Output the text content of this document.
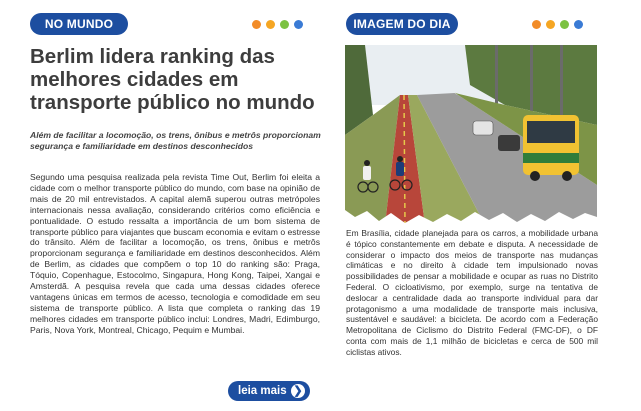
NO MUNDO
Berlim lidera ranking das melhores cidades em transporte público no mundo

Além de facilitar a locomoção, os trens, ônibus e metrôs proporcionam segurança e familiaridade em destinos desconhecidos

Segundo uma pesquisa realizada pela revista Time Out, Berlim foi eleita a cidade com o melhor transporte público do mundo, com base na opinião de mais de 20 mil entrevistados. A capital alemã superou outras metrópoles internacionais nessa avaliação, considerando critérios como eficiência e pontualidade. O estudo ressalta a importância de um bom sistema de transporte público para viajantes que buscam economia e evitam o estresse do trânsito. Além de facilitar a locomoção, os trens, ônibus e metrôs proporcionam segurança e familiaridade em destinos desconhecidos. Além de Berlim, as cidades que compõem o top 10 do ranking são: Praga, Tóquio, Copenhague, Estocolmo, Singapura, Hong Kong, Taipei, Xangai e Amsterdã. A pesquisa revela que cada uma dessas cidades oferece vantagens únicas em termos de acesso, tecnologia e comodidade em seu sistema de transporte público. A lista que completa o ranking das 19 melhores cidades em transporte público inclui: Londres, Madri, Edimburgo, Paris, Nova York, Montreal, Chicago, Pequim e Mumbai.

leia mais ❯
IMAGEM DO DIA

Em Brasília, cidade planejada para os carros, a mobilidade urbana é tópico constantemente em debate e disputa. A necessidade de considerar o impacto dos meios de transporte nas mudanças climáticas e no direito à cidade tem impulsionado novas possibilidades de pensar a mobilidade e ocupar as ruas no Distrito Federal. O cicloativismo, por exemplo, surge na tentativa de deslocar a centralidade dada ao transporte individual para dar protagonismo a uma modalidade de transporte mais inclusiva, sustentável e saudável: a bicicleta. De acordo com a Federação Metropolitana de Ciclismo do Distrito Federal (FMC-DF), o DF conta com mais de 1,1 milhão de bicicletas e cerca de 500 mil ciclistas ativos.
